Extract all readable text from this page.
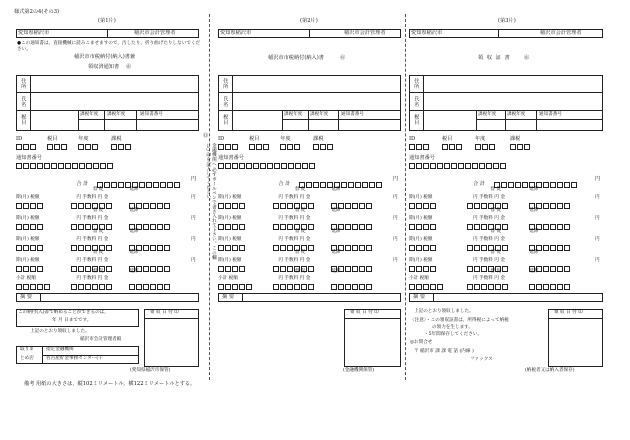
様式第2の4(その3)
(第1片)
愛知県稲沢市	稲沢市会計管理者
●この通知書は，直接機械に読みこませますので，汚したり，折り曲げたりしないでください。
稲沢市市税納付(納入)書兼
領収済通知書 ㊧
住所
氏名
税目	課税年度 課税年度	通知書番号
(第2片)
愛知県稲沢市	稲沢市会計管理者
稲沢市市税納付(納入)書	㊨
住所
氏名
税目	課税年度 課税年度	通知書番号
(第3片)
愛知県稲沢市	稲沢市会計管理者
領 収 証 書	㊧
住所
氏名
税目	課税年度 課税年度	通知書番号
⑬
金融機関へ 必ずボールペンで書き入れて下さい。この欄に○印を記入してください。
ID	税目	年度	課税
通知書番号
合 計
円
督 促	延滞
期(月) 税額	円 手数料 円 金	円
督 促	延滞
期(月) 税額	円 手数料 円 金	円
督 促	延滞
期(月) 税額	円 手数料 円 金	円
督 促	延滞
期(月) 税額	円 手数料 円 金	円
督 促	延滞
小計 税額	円 手数料 円 金
ID	税目	年度	課税
通知書番号
合 計
円
督 促	延滞
期(月) 税額	円 手数料 円 金	円
督 促	延滞
期(月) 税額	円 手数料 円 金	円
督 促	延滞
期(月) 税額	円 手数料 円 金	円
督 促	延滞
期(月) 税額	円 手数料 円 金	円
督 促	延滞
小計 税額	円 手数料 円 金
ID	税目	年度	課税
通知書番号
合 計
円
督 促	延滞
期(月) 税額	円 手数料 円 金	円
督 促	延滞
期(月) 税額	円 手数料 円 金	円
督 促	延滞
期(月) 税額	円 手数料 円 金	円
督 促	延滞
期(月) 税額	円 手数料 円 金	円
督 促	延滞
小計 税額	円 手数料 円 金
摘 要	摘 要	摘 要
この納付(入)書で納めることができるのは，
年 月 日までです。
上記のとおり領収しました。
稲沢市会計管理者殿
取りま
とめ店
指定金融機関
名古屋貯金事務センター(千
領 収 日 付 印
(愛知県稲沢市保管)
領 収 日 付 印
(金融機関保管)
上記のとおり領収しました。
〈注意〉・この領収証書は，所得税によって納税
の領力を生じます。
・5年間保存してください。
◎お問合せ
〒 稲沢市 課 課 電 話 (内線 )
ファックス
領 収 日 付 印
(納税者又は納入者保存)
備考 用紙の大きさは，縦102ミリメートル，横122ミリメートルとする。
